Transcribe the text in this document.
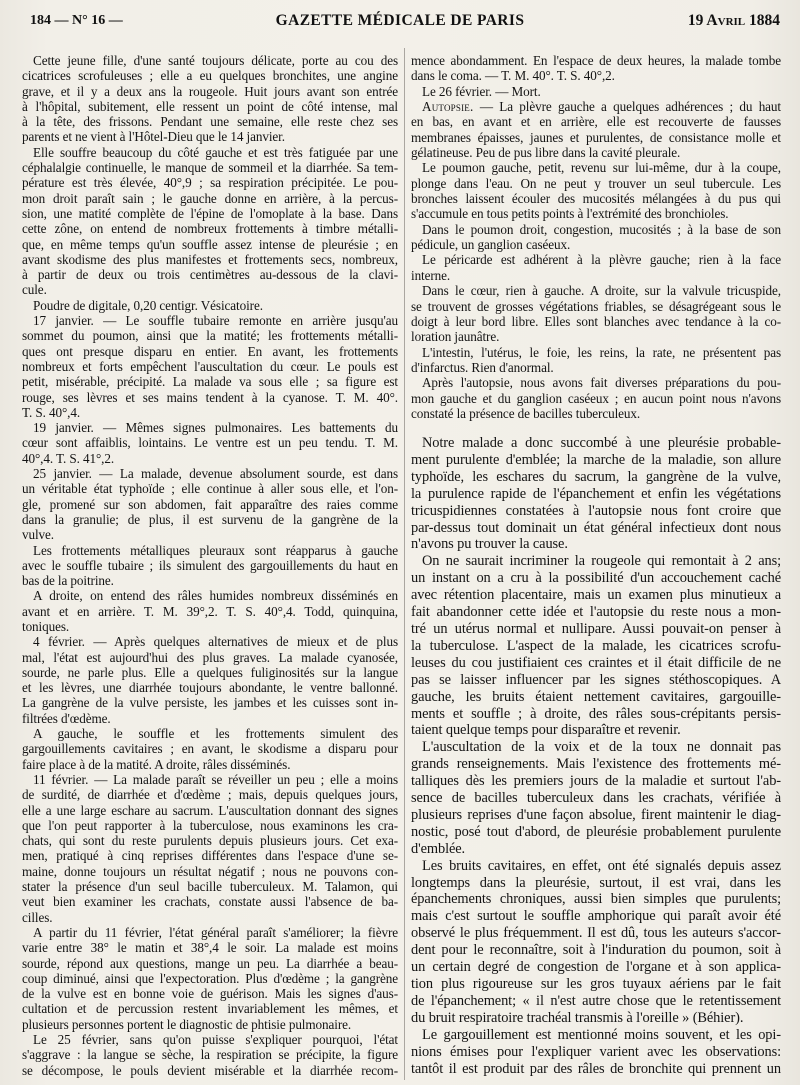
184 — N° 16 —	GAZETTE MÉDICALE DE PARIS	19 Avril 1884
Cette jeune fille, d'une santé toujours délicate, porte au cou des
cicatrices scrofuleuses ; elle a eu quelques bronchites, une angine
grave, et il y a deux ans la rougeole. Huit jours avant son entrée
à l'hôpital, subitement, elle ressent un point de côté intense, mal
à la tête, des frissons. Pendant une semaine, elle reste chez ses
parents et ne vient à l'Hôtel-Dieu que le 14 janvier.
Elle souffre beaucoup du côté gauche et est très fatiguée par une
céphalalgie continuelle, le manque de sommeil et la diarrhée. Sa tem-
pérature est très élevée, 40°,9 ; sa respiration précipitée. Le pou-
mon droit paraît sain ; le gauche donne en arrière, à la percus-
sion, une matité complète de l'épine de l'omoplate à la base. Dans
cette zône, on entend de nombreux frottements à timbre métalli-
que, en même temps qu'un souffle assez intense de pleurésie ; en
avant skodisme des plus manifestes et frottements secs, nombreux,
à partir de deux ou trois centimètres au-dessous de la clavi-
cule.
Poudre de digitale, 0,20 centigr. Vésicatoire.
17 janvier. — Le souffle tubaire remonte en arrière jusqu'au
sommet du poumon, ainsi que la matité; les frottements métalli-
ques ont presque disparu en entier. En avant, les frottements
nombreux et forts empêchent l'auscultation du cœur. Le pouls est
petit, misérable, précipité. La malade va sous elle ; sa figure est
rouge, ses lèvres et ses mains tendent à la cyanose. T. M. 40°.
T. S. 40°,4.
19 janvier. — Mêmes signes pulmonaires. Les battements du
cœur sont affaiblis, lointains. Le ventre est un peu tendu. T. M.
40°,4. T. S. 41°,2.
25 janvier. — La malade, devenue absolument sourde, est dans
un véritable état typhoïde ; elle continue à aller sous elle, et l'on-
gle, promené sur son abdomen, fait apparaître des raies comme
dans la granulie; de plus, il est survenu de la gangrène de la
vulve.
Les frottements métalliques pleuraux sont réapparus à gauche
avec le souffle tubaire ; ils simulent des gargouillements du haut en
bas de la poitrine.
A droite, on entend des râles humides nombreux disséminés en
avant et en arrière. T. M. 39°,2. T. S. 40°,4. Todd, quinquina,
toniques.
4 février. — Après quelques alternatives de mieux et de plus
mal, l'état est aujourd'hui des plus graves. La malade cyanosée,
sourde, ne parle plus. Elle a quelques fuliginosités sur la langue
et les lèvres, une diarrhée toujours abondante, le ventre ballonné.
La gangrène de la vulve persiste, les jambes et les cuisses sont in-
filtrées d'œdème.
A gauche, le souffle et les frottements simulent des
gargouillements cavitaires ; en avant, le skodisme a disparu pour
faire place à de la matité. A droite, râles disséminés.
11 février. — La malade paraît se réveiller un peu ; elle a moins
de surdité, de diarrhée et d'œdème ; mais, depuis quelques jours,
elle a une large eschare au sacrum. L'auscultation donnant des signes
que l'on peut rapporter à la tuberculose, nous examinons les cra-
chats, qui sont du reste purulents depuis plusieurs jours. Cet exa-
men, pratiqué à cinq reprises différentes dans l'espace d'une se-
maine, donne toujours un résultat négatif ; nous ne pouvons con-
stater la présence d'un seul bacille tuberculeux. M. Talamon, qui
veut bien examiner les crachats, constate aussi l'absence de ba-
cilles.
A partir du 11 février, l'état général paraît s'améliorer; la fièvre
varie entre 38° le matin et 38°,4 le soir. La malade est moins
sourde, répond aux questions, mange un peu. La diarrhée a beau-
coup diminué, ainsi que l'expectoration. Plus d'œdème ; la gangrène
de la vulve est en bonne voie de guérison. Mais les signes d'aus-
cultation et de percussion restent invariablement les mêmes, et
plusieurs personnes portent le diagnostic de phtisie pulmonaire.
Le 25 février, sans qu'on puisse s'expliquer pourquoi, l'état
s'aggrave : la langue se sèche, la respiration se précipite, la figure
se décompose, le pouls devient misérable et la diarrhée recom-
mence abondamment. En l'espace de deux heures, la malade tombe
dans le coma. — T. M. 40°. T. S. 40°,2.
Le 26 février. — Mort.
Autopsie. — La plèvre gauche a quelques adhérences ; du haut
en bas, en avant et en arrière, elle est recouverte de fausses
membranes épaisses, jaunes et purulentes, de consistance molle et
gélatineuse. Peu de pus libre dans la cavité pleurale.
Le poumon gauche, petit, revenu sur lui-même, dur à la coupe,
plonge dans l'eau. On ne peut y trouver un seul tubercule. Les
bronches laissent écouler des mucosités mélangées à du pus qui
s'accumule en tous petits points à l'extrémité des bronchioles.
Dans le poumon droit, congestion, mucosités ; à la base de son
pédicule, un ganglion caséeux.
Le péricarde est adhérent à la plèvre gauche; rien à la face
interne.
Dans le cœur, rien à gauche. A droite, sur la valvule tricuspide,
se trouvent de grosses végétations friables, se désagrégeant sous le
doigt à leur bord libre. Elles sont blanches avec tendance à la co-
loration jaunâtre.
L'intestin, l'utérus, le foie, les reins, la rate, ne présentent pas
d'infarctus. Rien d'anormal.
Après l'autopsie, nous avons fait diverses préparations du pou-
mon gauche et du ganglion caséeux ; en aucun point nous n'avons
constaté la présence de bacilles tuberculeux.
Notre malade a donc succombé à une pleurésie probable-
ment purulente d'emblée; la marche de la maladie, son allure
typhoïde, les eschares du sacrum, la gangrène de la vulve,
la purulence rapide de l'épanchement et enfin les végétations
tricuspidiennes constatées à l'autopsie nous font croire que
par-dessus tout dominait un état général infectieux dont nous
n'avons pu trouver la cause.
On ne saurait incriminer la rougeole qui remontait à 2 ans;
un instant on a cru à la possibilité d'un accouchement caché
avec rétention placentaire, mais un examen plus minutieux a
fait abandonner cette idée et l'autopsie du reste nous a mon-
tré un utérus normal et nullipare. Aussi pouvait-on penser à
la tuberculose. L'aspect de la malade, les cicatrices scrofu-
leuses du cou justifiaient ces craintes et il était difficile de ne
pas se laisser influencer par les signes stéthoscopiques. A
gauche, les bruits étaient nettement cavitaires, gargouille-
ments et souffle ; à droite, des râles sous-crépitants persis-
taient quelque temps pour disparaître et revenir.
L'auscultation de la voix et de la toux ne donnait pas
grands renseignements. Mais l'existence des frottements mé-
talliques dès les premiers jours de la maladie et surtout l'ab-
sence de bacilles tuberculeux dans les crachats, vérifiée à
plusieurs reprises d'une façon absolue, firent maintenir le diag-
nostic, posé tout d'abord, de pleurésie probablement purulente
d'emblée.
Les bruits cavitaires, en effet, ont été signalés depuis assez
longtemps dans la pleurésie, surtout, il est vrai, dans les
épanchements chroniques, aussi bien simples que purulents;
mais c'est surtout le souffle amphorique qui paraît avoir été
observé le plus fréquemment. Il est dû, tous les auteurs s'accor-
dent pour le reconnaître, soit à l'induration du poumon, soit à
un certain degré de congestion de l'organe et à son applica-
tion plus rigoureuse sur les gros tuyaux aériens par le fait
de l'épanchement; « il n'est autre chose que le retentissement
du bruit respiratoire trachéal transmis à l'oreille » (Béhier).
Le gargouillement est mentionné moins souvent, et les opi-
nions émises pour l'expliquer varient avec les observations:
tantôt il est produit par des râles de bronchite qui prennent un
